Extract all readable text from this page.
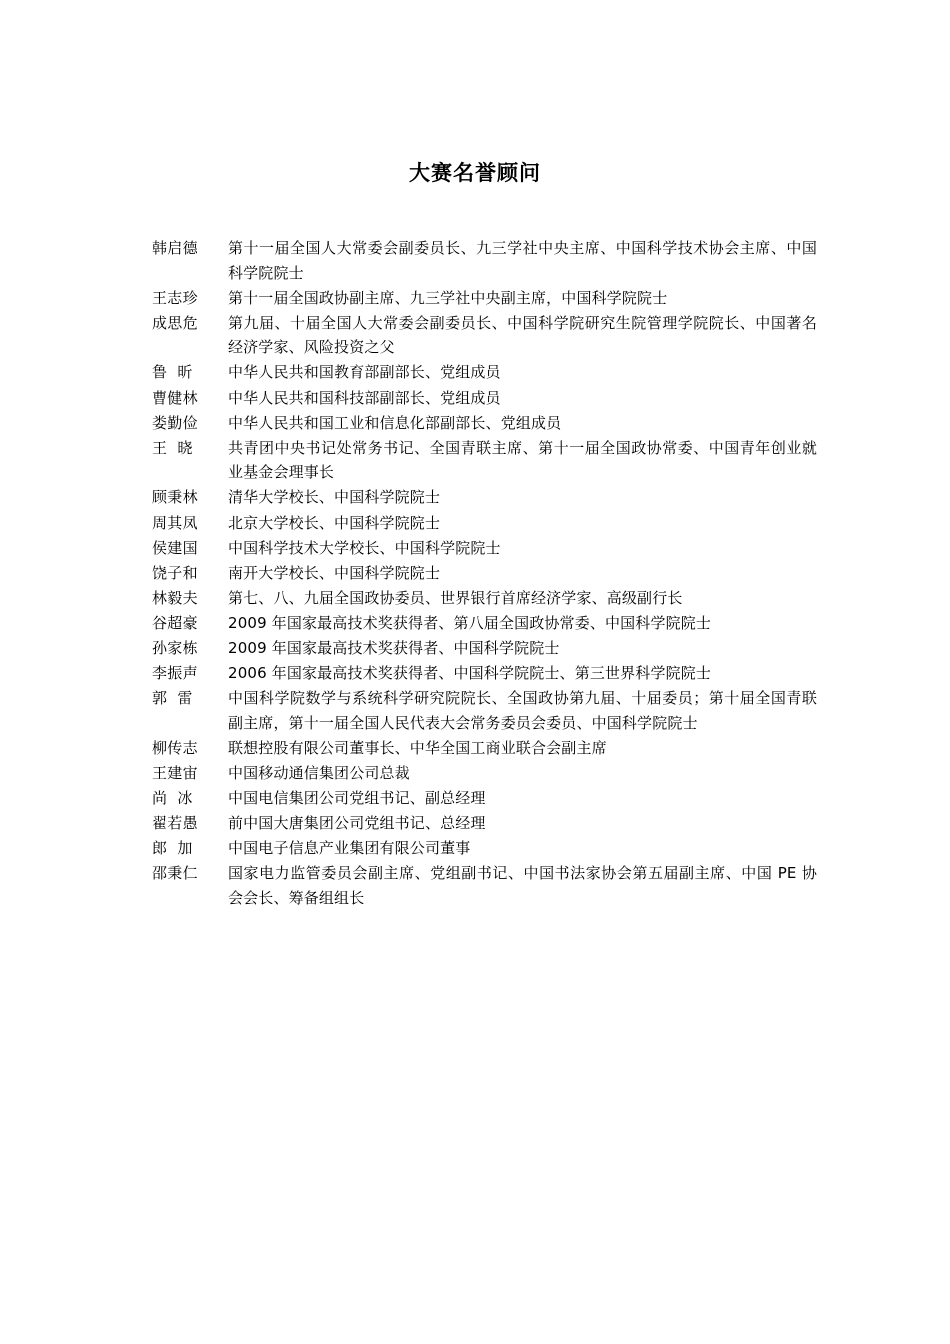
大赛名誉顾问
韩启德	第十一届全国人大常委会副委员长、九三学社中央主席、中国科学技术协会主席、中国科学院院士
王志珍	第十一届全国政协副主席、九三学社中央副主席，中国科学院院士
成思危	第九届、十届全国人大常委会副委员长、中国科学院研究生院管理学院院长、中国著名经济学家、风险投资之父
鲁  昕	中华人民共和国教育部副部长、党组成员
曹健林	中华人民共和国科技部副部长、党组成员
娄勤俭	中华人民共和国工业和信息化部副部长、党组成员
王  晓	共青团中央书记处常务书记、全国青联主席、第十一届全国政协常委、中国青年创业就业基金会理事长
顾秉林	清华大学校长、中国科学院院士
周其凤	北京大学校长、中国科学院院士
侯建国	中国科学技术大学校长、中国科学院院士
饶子和	南开大学校长、中国科学院院士
林毅夫	第七、八、九届全国政协委员、世界银行首席经济学家、高级副行长
谷超豪	2009 年国家最高技术奖获得者、第八届全国政协常委、中国科学院院士
孙家栋	2009 年国家最高技术奖获得者、中国科学院院士
李振声	2006 年国家最高技术奖获得者、中国科学院院士、第三世界科学院院士
郭  雷	中国科学院数学与系统科学研究院院长、全国政协第九届、十届委员；第十届全国青联副主席，第十一届全国人民代表大会常务委员会委员、中国科学院院士
柳传志	联想控股有限公司董事长、中华全国工商业联合会副主席
王建宙	中国移动通信集团公司总裁
尚  冰	中国电信集团公司党组书记、副总经理
翟若愚	前中国大唐集团公司党组书记、总经理
郎  加	中国电子信息产业集团有限公司董事
邵秉仁	国家电力监管委员会副主席、党组副书记、中国书法家协会第五届副主席、中国 PE 协会会长、筹备组组长
